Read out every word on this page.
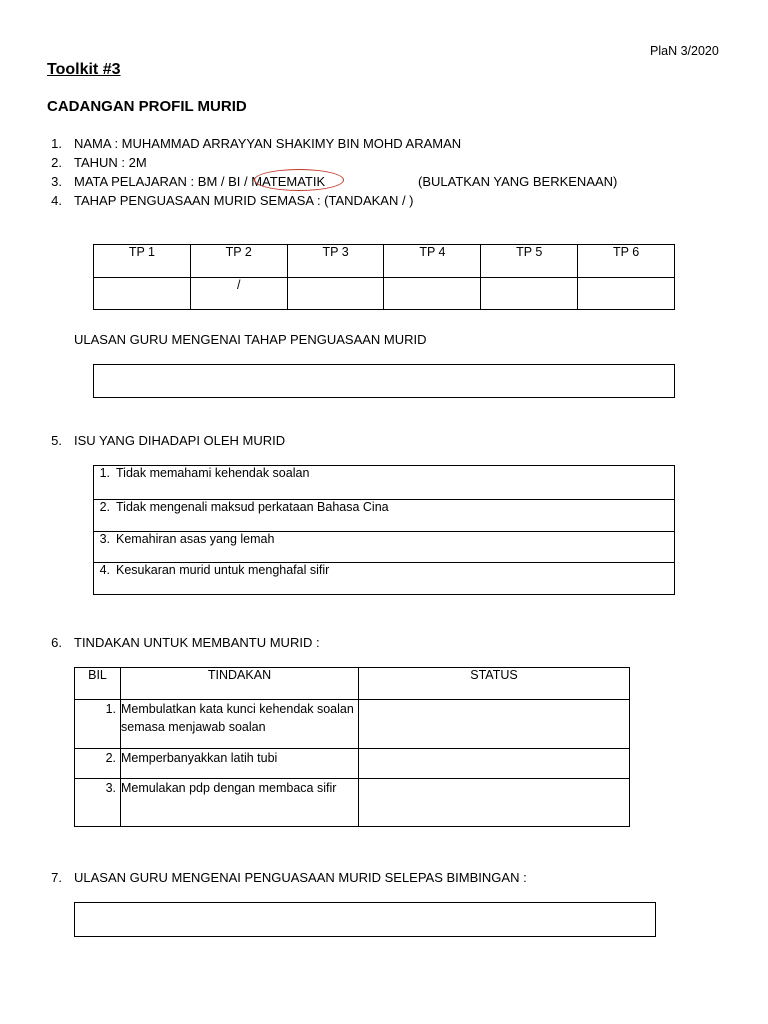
PlaN 3/2020
Toolkit #3
CADANGAN PROFIL MURID
1. NAMA : MUHAMMAD ARRAYYAN SHAKIMY BIN MOHD ARAMAN
2. TAHUN : 2M
3. MATA PELAJARAN : BM / BI / MATEMATIK	(BULATKAN YANG BERKENAAN)
4. TAHAP PENGUASAAN MURID SEMASA : (TANDAKAN / )
TP 1	TP 2	TP 3	TP 4	TP 5	TP 6
	/				
ULASAN GURU MENGENAI TAHAP PENGUASAAN MURID
5. ISU YANG DIHADAPI OLEH MURID
1. Tidak memahami kehendak soalan
2. Tidak mengenali maksud perkataan Bahasa Cina
3. Kemahiran asas yang lemah
4. Kesukaran murid untuk menghafal sifir
6. TINDAKAN UNTUK MEMBANTU MURID :
BIL	TINDAKAN	STATUS
1.	Membulatkan kata kunci kehendak soalan semasa menjawab soalan	
2.	Memperbanyakkan latih tubi	
3.	Memulakan pdp dengan membaca sifir	
7. ULASAN GURU MENGENAI PENGUASAAN MURID SELEPAS BIMBINGAN :
